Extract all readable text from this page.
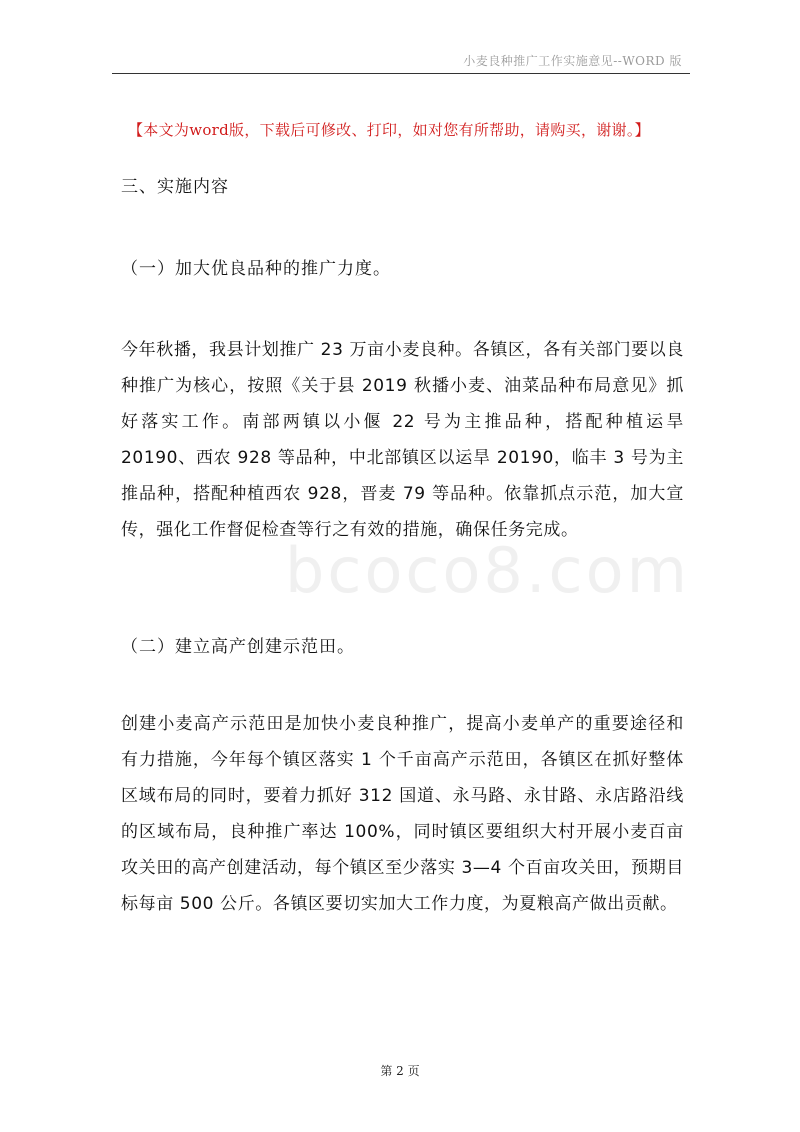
小麦良种推广工作实施意见--WORD 版
【本文为word版，下载后可修改、打印，如对您有所帮助，请购买，谢谢。】
三、实施内容
（一）加大优良品种的推广力度。

今年秋播，我县计划推广 23 万亩小麦良种。各镇区，各有关部门要以良种推广为核心，按照《关于县 2019 秋播小麦、油菜品种布局意见》抓好落实工作。南部两镇以小偃 22 号为主推品种，搭配种植运旱 20190、西农 928 等品种，中北部镇区以运旱 20190，临丰 3 号为主推品种，搭配种植西农 928，晋麦 79 等品种。依靠抓点示范，加大宣传，强化工作督促检查等行之有效的措施，确保任务完成。

bcoco8.com
（二）建立高产创建示范田。

创建小麦高产示范田是加快小麦良种推广，提高小麦单产的重要途径和有力措施，今年每个镇区落实 1 个千亩高产示范田，各镇区在抓好整体区域布局的同时，要着力抓好 312 国道、永马路、永甘路、永店路沿线的区域布局，良种推广率达 100%，同时镇区要组织大村开展小麦百亩攻关田的高产创建活动，每个镇区至少落实 3—4 个百亩攻关田，预期目标每亩 500 公斤。各镇区要切实加大工作力度，为夏粮高产做出贡献。

第 2 页
